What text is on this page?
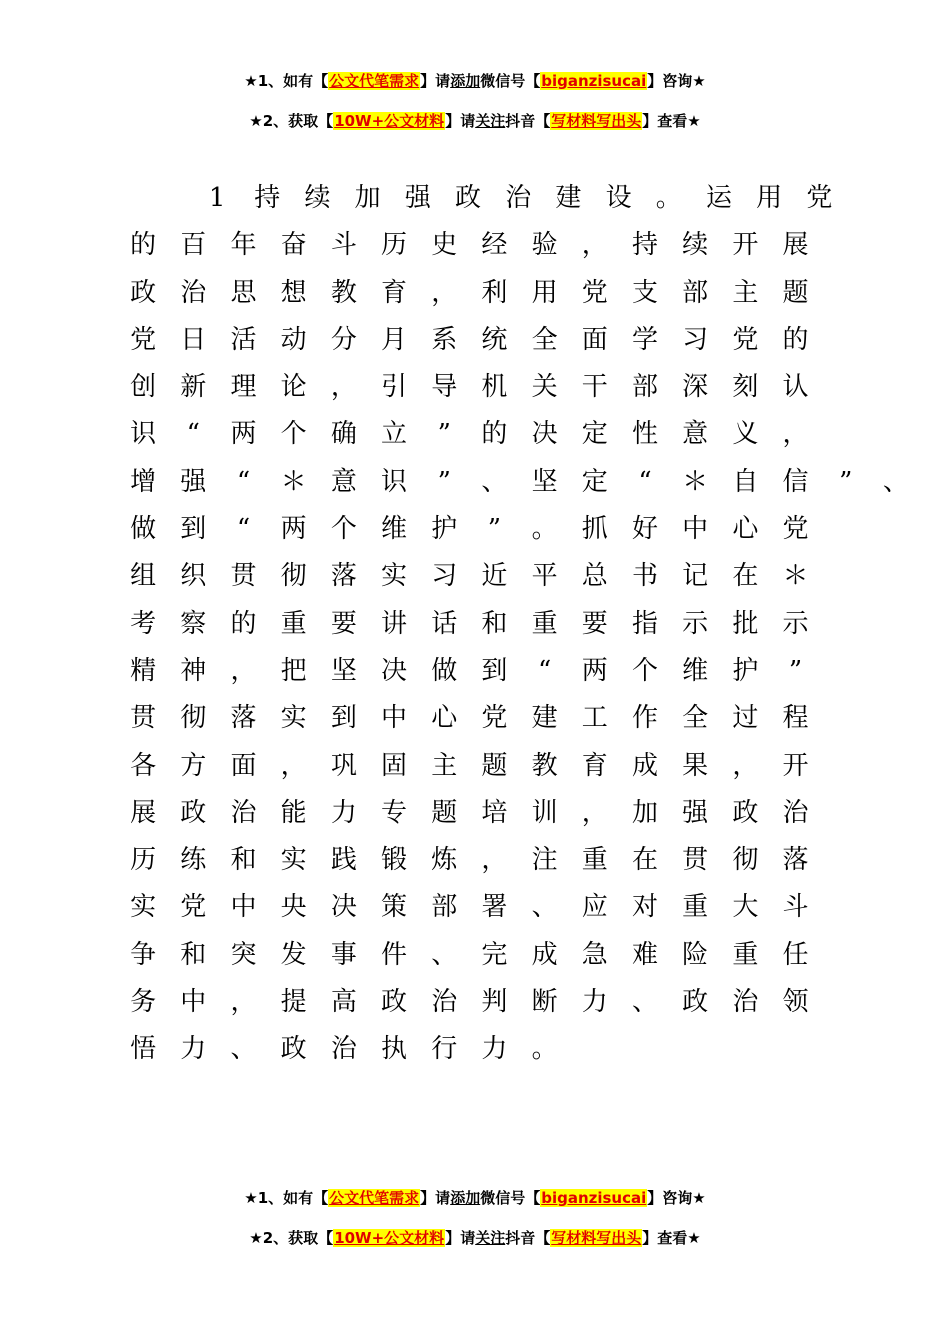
★1、如有【公文代笔需求】请添加微信号【biganzisucai】咨询★
★2、获取【10W+公文材料】请关注抖音【写材料写出头】查看★
1 持 续 加 强 政 治 建 设 。 运 用 党
的 百 年 奋 斗 历 史 经 验 ， 持 续 开 展
政 治 思 想 教 育 ， 利 用 党 支 部 主 题
党 日 活 动 分 月 系 统 全 面 学 习 党 的
创 新 理 论 ， 引 导 机 关 干 部 深 刻 认
识 “ 两 个 确 立 ” 的 决 定 性 意 义 ，
增 强 “ ＊ 意 识 ” 、 坚 定 “ ＊ 自 信 ” 、
做 到 “ 两 个 维 护 ” 。 抓 好 中 心 党
组 织 贯 彻 落 实 习 近 平 总 书 记 在 ＊
考 察 的 重 要 讲 话 和 重 要 指 示 批 示
精 神 ， 把 坚 决 做 到 “ 两 个 维 护 ”
贯 彻 落 实 到 中 心 党 建 工 作 全 过 程
各 方 面 ， 巩 固 主 题 教 育 成 果 ， 开
展 政 治 能 力 专 题 培 训 ， 加 强 政 治
历 练 和 实 践 锻 炼 ， 注 重 在 贯 彻 落
实 党 中 央 决 策 部 署 、 应 对 重 大 斗
争 和 突 发 事 件 、 完 成 急 难 险 重 任
务 中 ， 提 高 政 治 判 断 力 、 政 治 领
悟 力 、 政 治 执 行 力 。
★1、如有【公文代笔需求】请添加微信号【biganzisucai】咨询★
★2、获取【10W+公文材料】请关注抖音【写材料写出头】查看★
